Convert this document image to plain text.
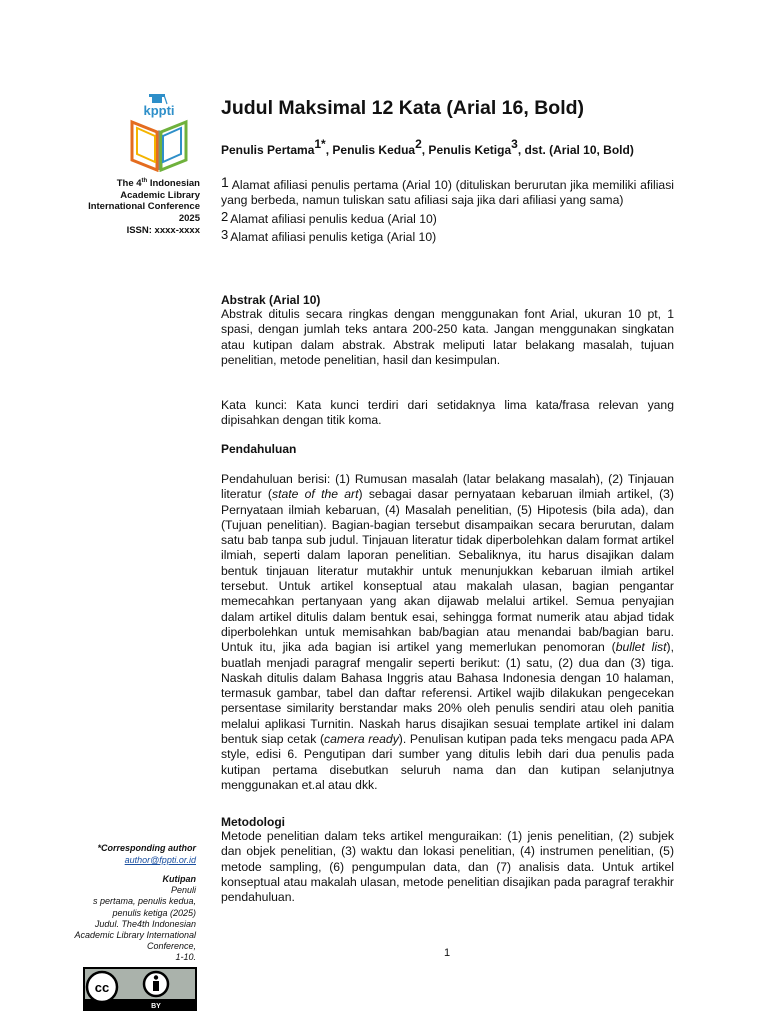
kppti
The 4th Indonesian
Academic Library
International Conference
2025
ISSN: xxxx-xxxx
*Corresponding author
author@fppti.or.id
Kutipan
Penuli
s pertama, penulis kedua,
penulis ketiga (2025)
Judul. The4th Indonesian
Academic Library International
Conference,
1-10.
cc
BY
Judul Maksimal 12 Kata (Arial 16, Bold)
Penulis Pertama$^{1*}$, Penulis Kedua$^2$, Penulis Ketiga$^3$, dst. (Arial 10, Bold)

1 Alamat afiliasi penulis pertama (Arial 10) (dituliskan berurutan jika memiliki afiliasi yang berbeda, namun tuliskan satu afiliasi saja jika dari afiliasi yang sama)

2 Alamat afiliasi penulis kedua (Arial 10)

3 Alamat afiliasi penulis ketiga (Arial 10)

Abstrak (Arial 10)

Abstrak ditulis secara ringkas dengan menggunakan font Arial, ukuran 10 pt, 1 spasi, dengan jumlah teks antara 200-250 kata. Jangan menggunakan singkatan atau kutipan dalam abstrak. Abstrak meliputi latar belakang masalah, tujuan penelitian, metode penelitian, hasil dan kesimpulan.

Kata kunci: Kata kunci terdiri dari setidaknya lima kata/frasa relevan yang dipisahkan dengan titik koma.

Pendahuluan

Pendahuluan berisi: (1) Rumusan masalah (latar belakang masalah), (2) Tinjauan literatur (state of the art) sebagai dasar pernyataan kebaruan ilmiah artikel, (3) Pernyataan ilmiah kebaruan, (4) Masalah penelitian, (5) Hipotesis (bila ada), dan (Tujuan penelitian). Bagian-bagian tersebut disampaikan secara berurutan, dalam satu bab tanpa sub judul. Tinjauan literatur tidak diperbolehkan dalam format artikel ilmiah, seperti dalam laporan penelitian. Sebaliknya, itu harus disajikan dalam bentuk tinjauan literatur mutakhir untuk menunjukkan kebaruan ilmiah artikel tersebut. Untuk artikel konseptual atau makalah ulasan, bagian pengantar memecahkan pertanyaan yang akan dijawab melalui artikel. Semua penyajian dalam artikel ditulis dalam bentuk esai, sehingga format numerik atau abjad tidak diperbolehkan untuk memisahkan bab/bagian atau menandai bab/bagian baru. Untuk itu, jika ada bagian isi artikel yang memerlukan penomoran (bullet list), buatlah menjadi paragraf mengalir seperti berikut: (1) satu, (2) dua dan (3) tiga. Naskah ditulis dalam Bahasa Inggris atau Bahasa Indonesia dengan 10 halaman, termasuk gambar, tabel dan daftar referensi. Artikel wajib dilakukan pengecekan persentase similarity berstandar maks 20% oleh penulis sendiri atau oleh panitia melalui aplikasi Turnitin. Naskah harus disajikan sesuai template artikel ini dalam bentuk siap cetak (camera ready). Penulisan kutipan pada teks mengacu pada APA style, edisi 6. Pengutipan dari sumber yang ditulis lebih dari dua penulis pada kutipan pertama disebutkan seluruh nama dan dan kutipan selanjutnya menggunakan et.al atau dkk.

Metodologi

Metode penelitian dalam teks artikel menguraikan: (1) jenis penelitian, (2) subjek dan objek penelitian, (3) waktu dan lokasi penelitian, (4) instrumen penelitian, (5) metode sampling, (6) pengumpulan data, dan (7) analisis data. Untuk artikel konseptual atau makalah ulasan, metode penelitian disajikan pada paragraf terakhir pendahuluan.

1
